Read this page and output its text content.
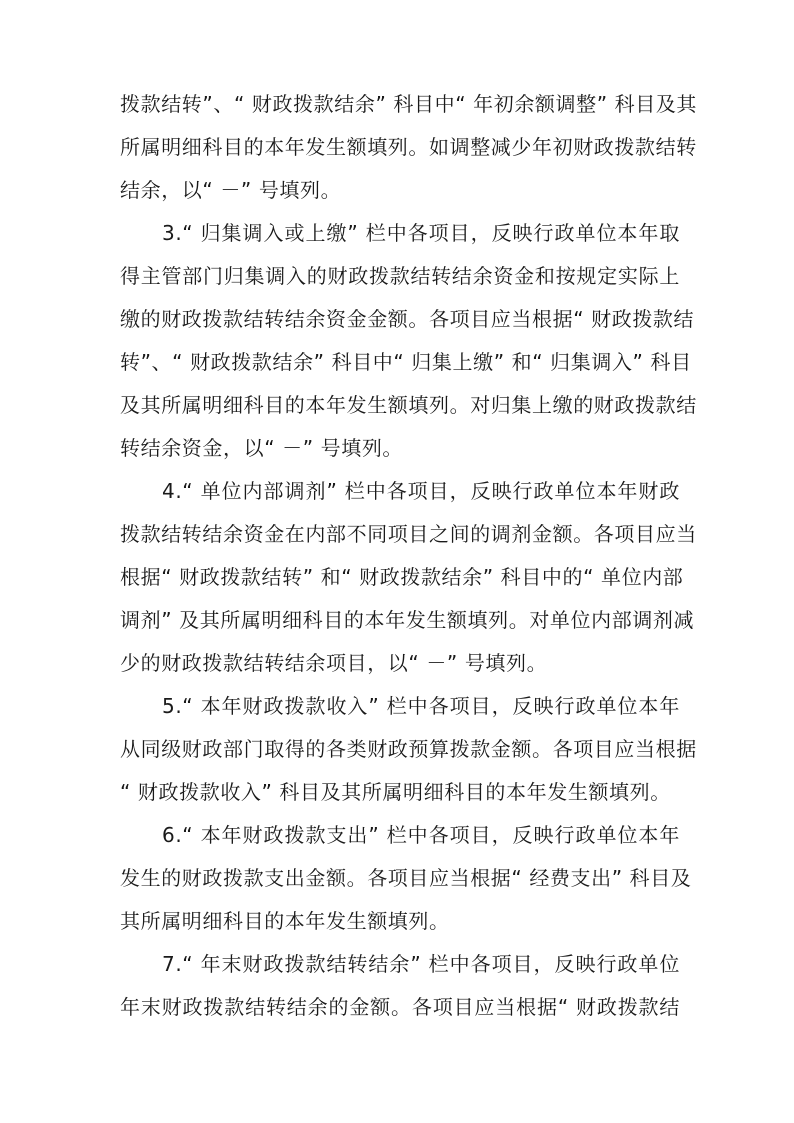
拨款结转”、“ 财政拨款结余” 科目中“ 年初余额调整” 科目及其
所属明细科目的本年发生额填列。如调整减少年初财政拨款结转
结余，以“ －” 号填列。
3.“ 归集调入或上缴” 栏中各项目，反映行政单位本年取
得主管部门归集调入的财政拨款结转结余资金和按规定实际上
缴的财政拨款结转结余资金金额。各项目应当根据“ 财政拨款结
转”、“ 财政拨款结余” 科目中“ 归集上缴” 和“ 归集调入” 科目
及其所属明细科目的本年发生额填列。对归集上缴的财政拨款结
转结余资金，以“ －” 号填列。
4.“ 单位内部调剂” 栏中各项目，反映行政单位本年财政
拨款结转结余资金在内部不同项目之间的调剂金额。各项目应当
根据“ 财政拨款结转” 和“ 财政拨款结余” 科目中的“ 单位内部
调剂” 及其所属明细科目的本年发生额填列。对单位内部调剂减
少的财政拨款结转结余项目，以“ －” 号填列。
5.“ 本年财政拨款收入” 栏中各项目，反映行政单位本年
从同级财政部门取得的各类财政预算拨款金额。各项目应当根据
“ 财政拨款收入” 科目及其所属明细科目的本年发生额填列。
6.“ 本年财政拨款支出” 栏中各项目，反映行政单位本年
发生的财政拨款支出金额。各项目应当根据“ 经费支出” 科目及
其所属明细科目的本年发生额填列。
7.“ 年末财政拨款结转结余” 栏中各项目，反映行政单位
年末财政拨款结转结余的金额。各项目应当根据“ 财政拨款结
